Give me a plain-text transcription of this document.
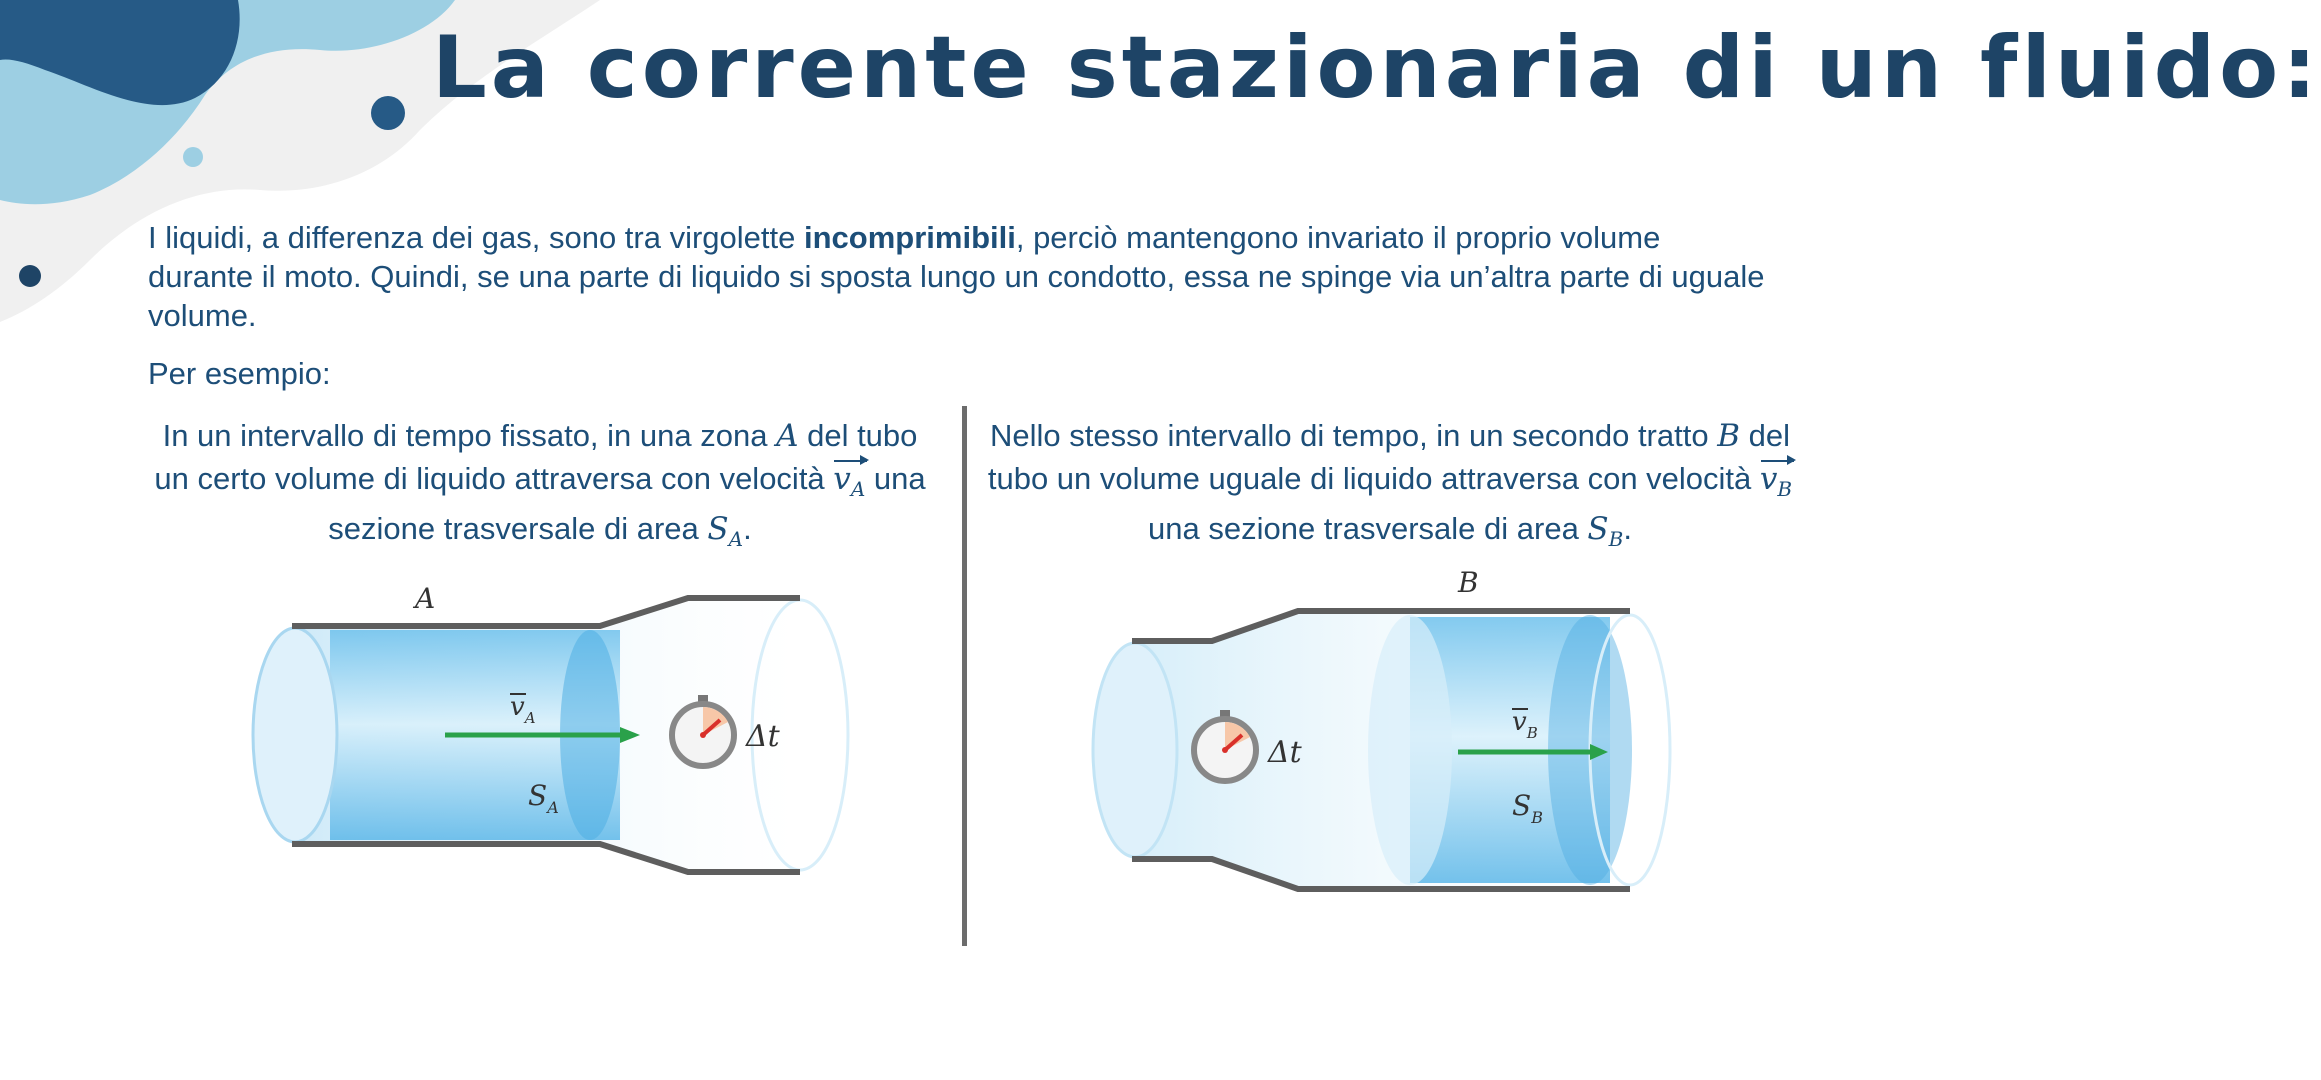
La corrente stazionaria di un fluido:

I liquidi, a differenza dei gas, sono tra virgolette incomprimibili, perciò mantengono invariato il proprio volume durante il moto. Quindi, se una parte di liquido si sposta lungo un condotto, essa ne spinge via un’altra parte di uguale volume.

Per esempio:

In un intervallo di tempo fissato, in una zona A del tubo un certo volume di liquido attraversa con velocità $v_A$ una sezione trasversale di area $S_A$.

Nello stesso intervallo di tempo, in un secondo tratto B del tubo un volume uguale di liquido attraversa con velocità $v_B$ una sezione trasversale di area $S_B$.

A
$v_A$
$S_A$
Δt
B
$v_B$
$S_B$
Δt
